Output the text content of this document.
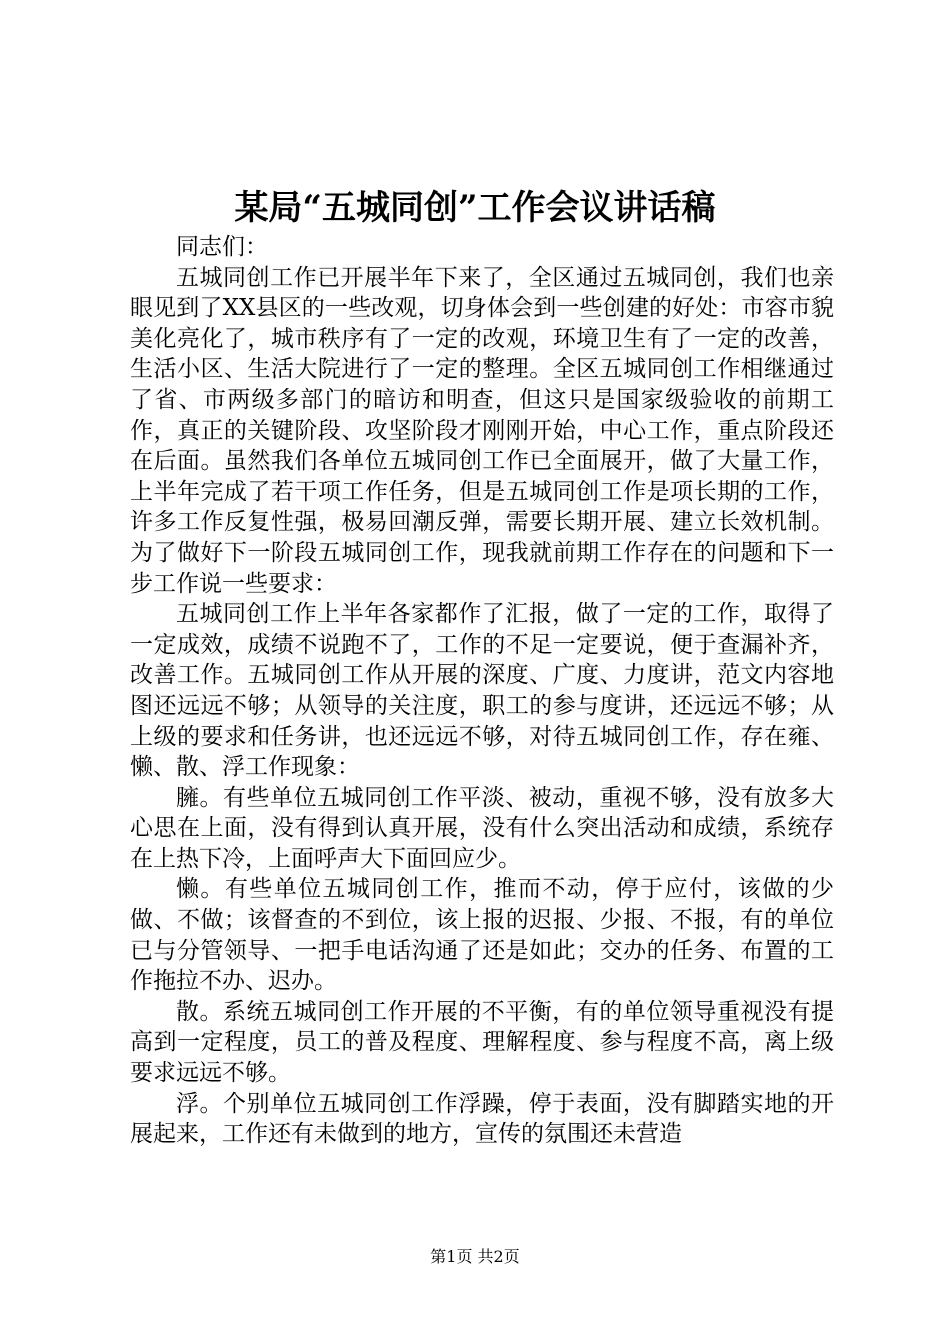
某局“五城同创”工作会议讲话稿

同志们：

五城同创工作已开展半年下来了，全区通过五城同创，我们也亲眼见到了XX县区的一些改观，切身体会到一些创建的好处：市容市貌美化亮化了，城市秩序有了一定的改观，环境卫生有了一定的改善，生活小区、生活大院进行了一定的整理。全区五城同创工作相继通过了省、市两级多部门的暗访和明查，但这只是国家级验收的前期工作，真正的关键阶段、攻坚阶段才刚刚开始，中心工作，重点阶段还在后面。虽然我们各单位五城同创工作已全面展开，做了大量工作，上半年完成了若干项工作任务，但是五城同创工作是项长期的工作，许多工作反复性强，极易回潮反弹，需要长期开展、建立长效机制。为了做好下一阶段五城同创工作，现我就前期工作存在的问题和下一步工作说一些要求：

五城同创工作上半年各家都作了汇报，做了一定的工作，取得了一定成效，成绩不说跑不了，工作的不足一定要说，便于查漏补齐，改善工作。五城同创工作从开展的深度、广度、力度讲，范文内容地图还远远不够；从领导的关注度，职工的参与度讲，还远远不够；从上级的要求和任务讲，也还远远不够，对待五城同创工作，存在雍、懒、散、浮工作现象：

臃。有些单位五城同创工作平淡、被动，重视不够，没有放多大心思在上面，没有得到认真开展，没有什么突出活动和成绩，系统存在上热下冷，上面呼声大下面回应少。

懒。有些单位五城同创工作，推而不动，停于应付，该做的少做、不做；该督查的不到位，该上报的迟报、少报、不报，有的单位已与分管领导、一把手电话沟通了还是如此；交办的任务、布置的工作拖拉不办、迟办。

散。系统五城同创工作开展的不平衡，有的单位领导重视没有提高到一定程度，员工的普及程度、理解程度、参与程度不高，离上级要求远远不够。

浮。个别单位五城同创工作浮躁，停于表面，没有脚踏实地的开展起来，工作还有未做到的地方，宣传的氛围还未营造

第1页 共2页
